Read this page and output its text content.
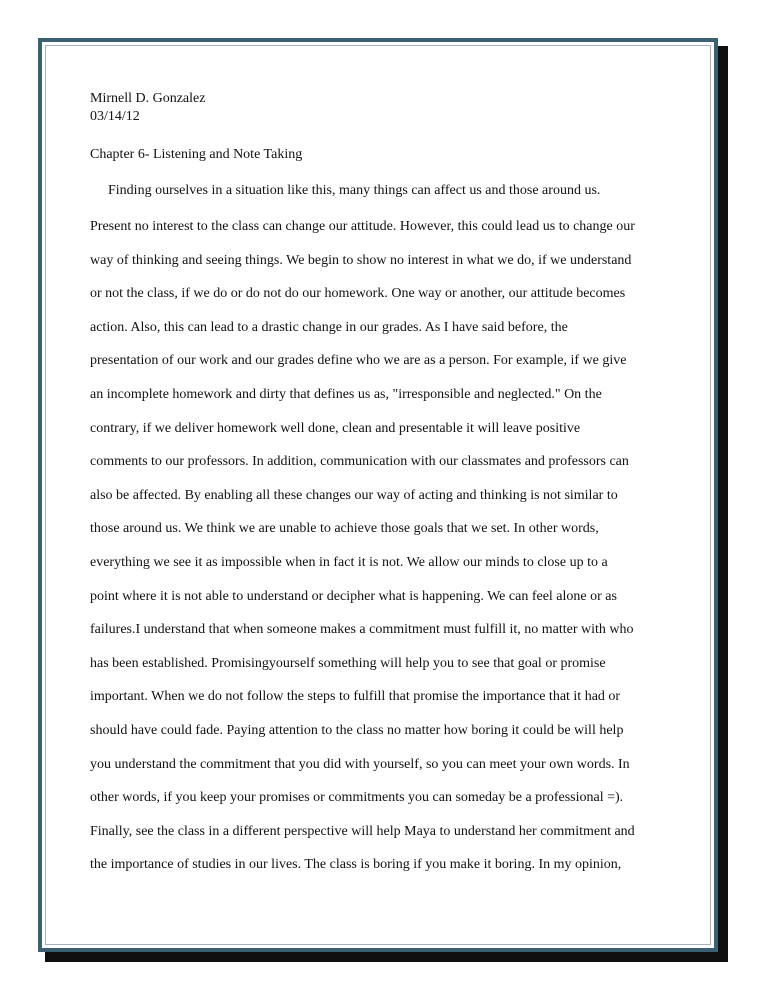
Mirnell D. Gonzalez
03/14/12
Chapter 6- Listening and Note Taking
Finding ourselves in a situation like this, many things can affect us and those around us.
Present no interest to the class can change our attitude. However, this could lead us to change our
way of thinking and seeing things. We begin to show no interest in what we do, if we understand
or not the class, if we do or do not do our homework. One way or another, our attitude becomes
action. Also, this can lead to a drastic change in our grades. As I have said before, the
presentation of our work and our grades define who we are as a person. For example, if we give
an incomplete homework and dirty that defines us as, "irresponsible and neglected." On the
contrary, if we deliver homework well done, clean and presentable it will leave positive
comments to our professors. In addition, communication with our classmates and professors can
also be affected. By enabling all these changes our way of acting and thinking is not similar to
those around us. We think we are unable to achieve those goals that we set. In other words,
everything we see it as impossible when in fact it is not. We allow our minds to close up to a
point where it is not able to understand or decipher what is happening. We can feel alone or as
failures.I understand that when someone makes a commitment must fulfill it, no matter with who
has been established. Promisingyourself something will help you to see that goal or promise
important. When we do not follow the steps to fulfill that promise the importance that it had or
should have could fade. Paying attention to the class no matter how boring it could be will help
you understand the commitment that you did with yourself, so you can meet your own words. In
other words, if you keep your promises or commitments you can someday be a professional =).
Finally, see the class in a different perspective will help Maya to understand her commitment and
the importance of studies in our lives. The class is boring if you make it boring. In my opinion,
